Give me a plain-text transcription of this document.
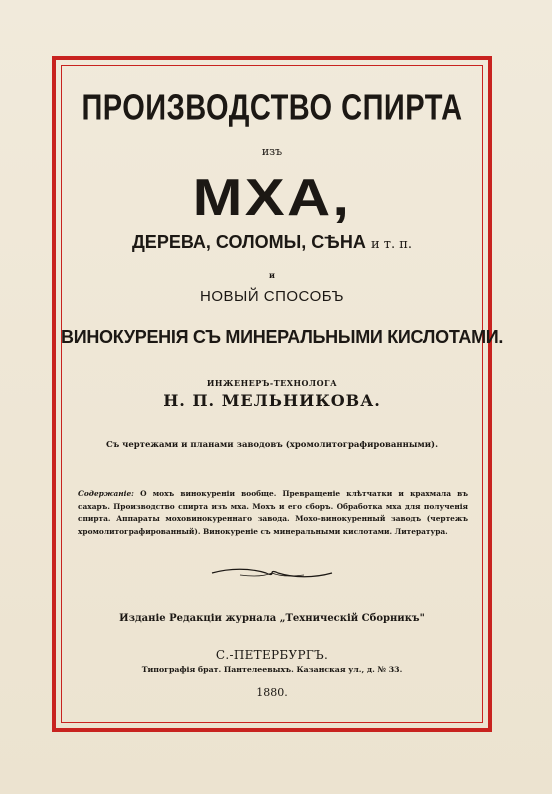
ПРОИЗВОДСТВО СПИРТА
изъ
МХА,
ДЕРЕВА, СОЛОМЫ, СѢНА и т. п.
и
НОВЫЙ СПОСОБЪ
ВИНОКУРЕНІЯ СЪ МИНЕРАЛЬНЫМИ КИСЛОТАМИ.
ИНЖЕНЕРЪ-ТЕХНОЛОГА
Н. П. МЕЛЬНИКОВА.
Съ чертежами и планами заводовъ (хромолитографированными).
Содержаніе: О мохъ винокуреніи вообще. Превращеніе клѣтчатки и крахмала въ сахаръ. Производство спирта изъ мха. Мохъ и его сборъ. Обработка мха для полученія спирта. Аппараты моховинокуреннаго завода. Мохо-винокуренный заводъ (чертежъ хромолитографированный). Винокуреніе съ минеральными кислотами. Литература.
Изданіе Редакціи журнала „Техническій Сборникъ"
С.-ПЕТЕРБУРГЪ.
Типографія брат. Пантелеевыхъ. Казанская ул., д. № 33.
1880.
